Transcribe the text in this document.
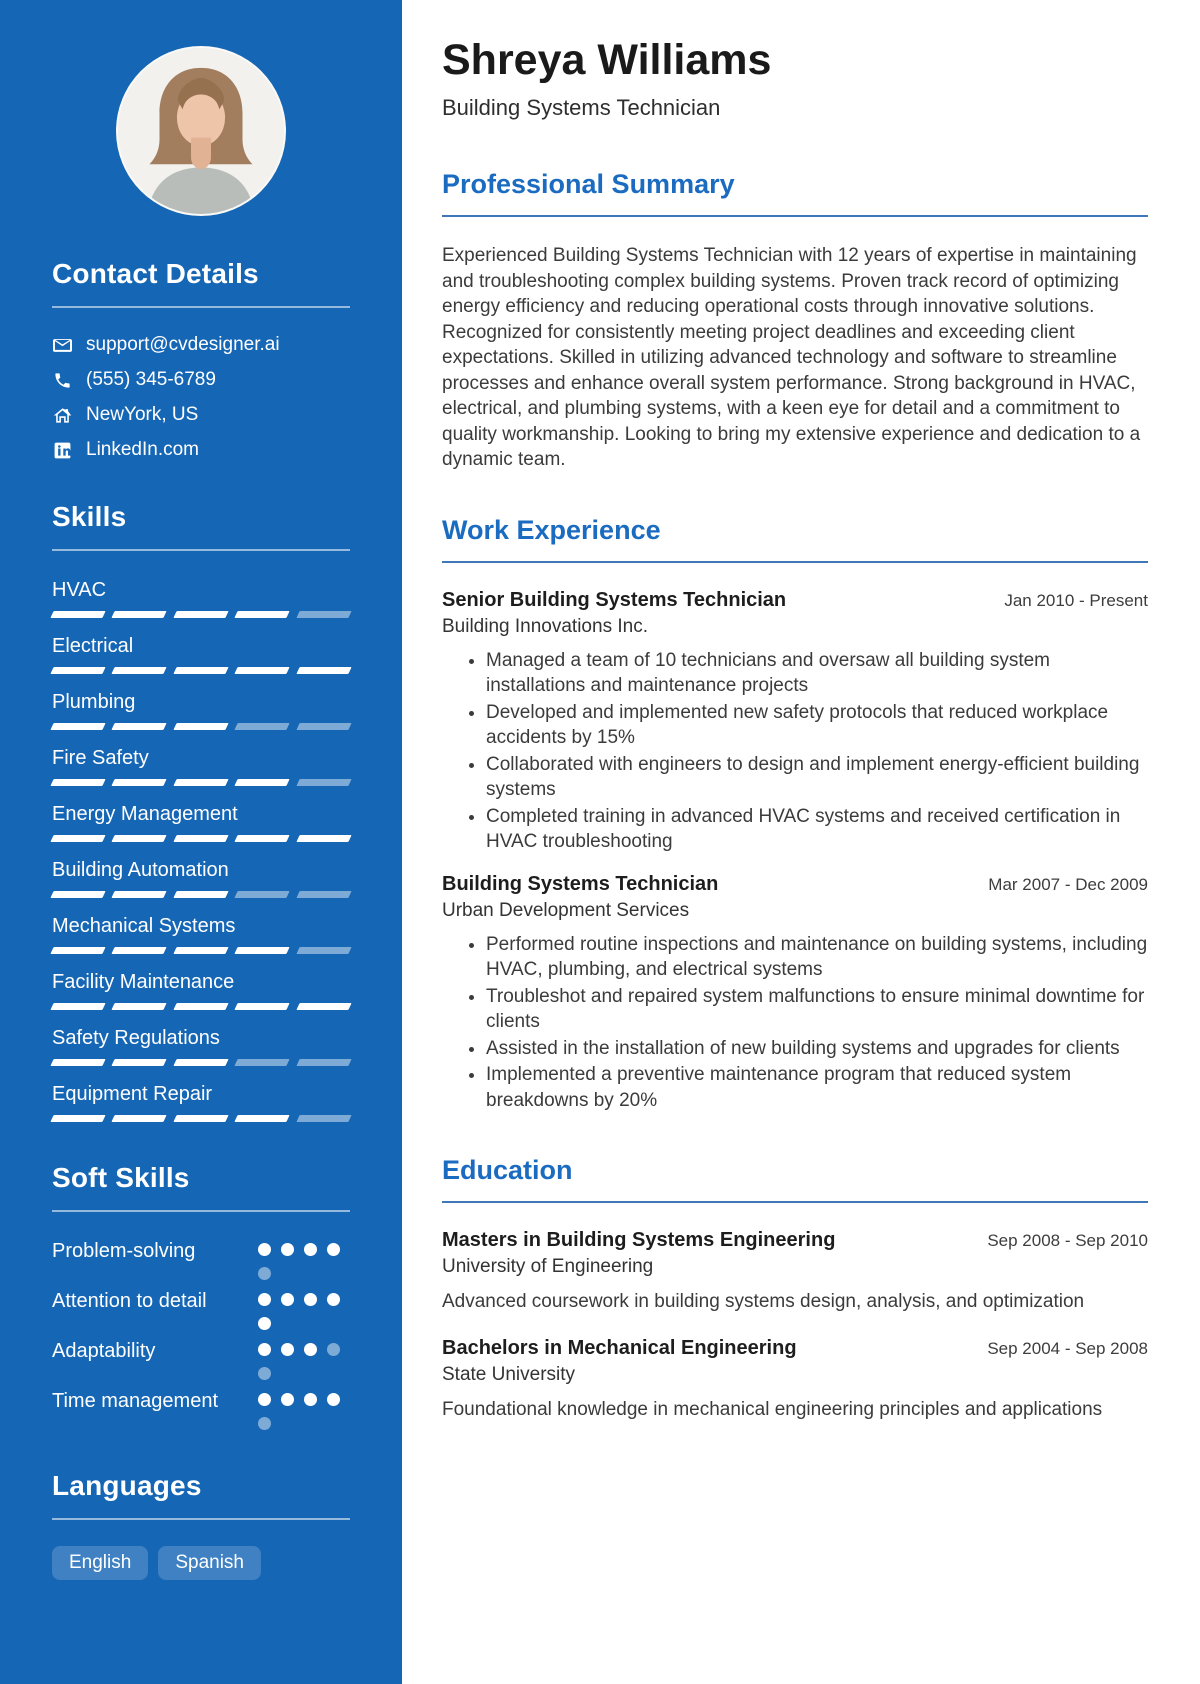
Contact Details
support@cvdesigner.ai
(555) 345-6789
NewYork, US
LinkedIn.com
Skills
HVAC
Electrical
Plumbing
Fire Safety
Energy Management
Building Automation
Mechanical Systems
Facility Maintenance
Safety Regulations
Equipment Repair
Soft Skills
Problem-solving
Attention to detail
Adaptability
Time management
Languages
English	Spanish
Shreya Williams
Building Systems Technician
Professional Summary

Experienced Building Systems Technician with 12 years of expertise in maintaining and troubleshooting complex building systems. Proven track record of optimizing energy efficiency and reducing operational costs through innovative solutions. Recognized for consistently meeting project deadlines and exceeding client expectations. Skilled in utilizing advanced technology and software to streamline processes and enhance overall system performance. Strong background in HVAC, electrical, and plumbing systems, with a keen eye for detail and a commitment to quality workmanship. Looking to bring my extensive experience and dedication to a dynamic team.

Work Experience
Senior Building Systems Technician	Jan 2010 - Present
Building Innovations Inc.
• Managed a team of 10 technicians and oversaw all building system installations and maintenance projects
• Developed and implemented new safety protocols that reduced workplace accidents by 15%
• Collaborated with engineers to design and implement energy-efficient building systems
• Completed training in advanced HVAC systems and received certification in HVAC troubleshooting
Building Systems Technician	Mar 2007 - Dec 2009
Urban Development Services
• Performed routine inspections and maintenance on building systems, including HVAC, plumbing, and electrical systems
• Troubleshot and repaired system malfunctions to ensure minimal downtime for clients
• Assisted in the installation of new building systems and upgrades for clients
• Implemented a preventive maintenance program that reduced system breakdowns by 20%
Education
Masters in Building Systems Engineering	Sep 2008 - Sep 2010
University of Engineering

Advanced coursework in building systems design, analysis, and optimization

Bachelors in Mechanical Engineering	Sep 2004 - Sep 2008
State University

Foundational knowledge in mechanical engineering principles and applications
